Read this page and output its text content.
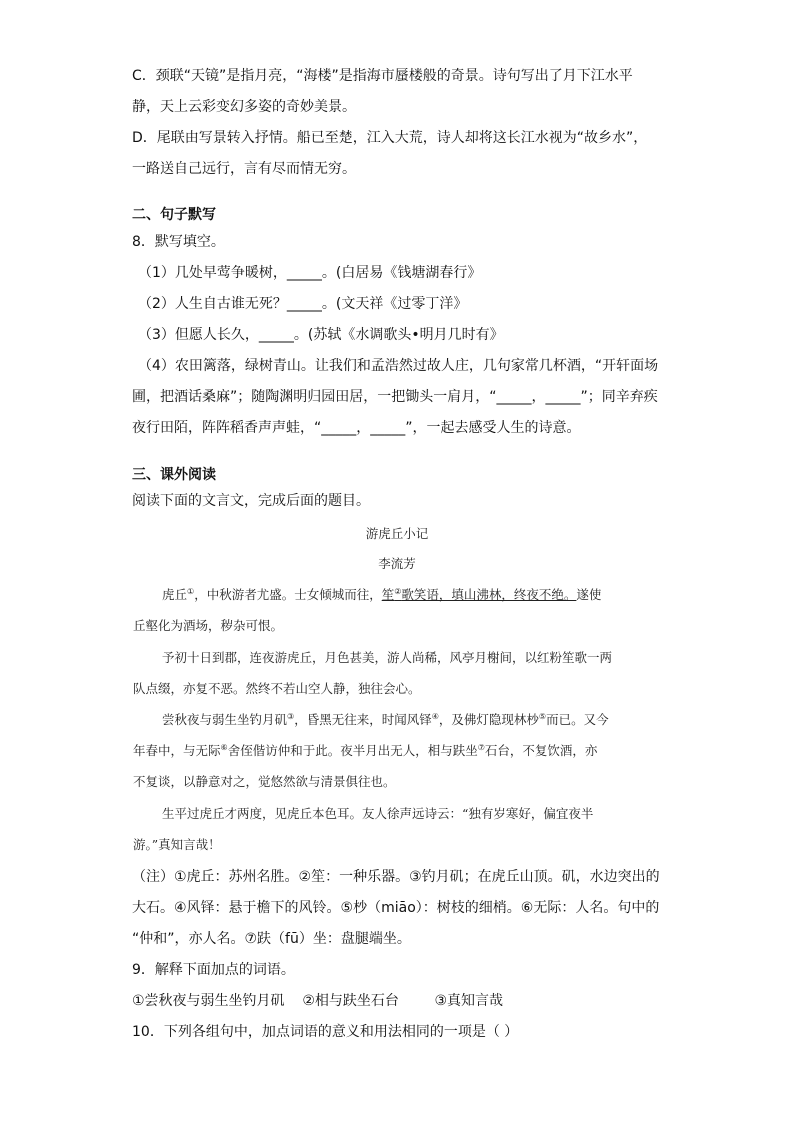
C．颈联“天镜”是指月亮，“海楼”是指海市蜃楼般的奇景。诗句写出了月下江水平
静，天上云彩变幻多姿的奇妙美景。
D．尾联由写景转入抒情。船已至楚，江入大荒，诗人却将这长江水视为“故乡水”，
一路送自己远行，言有尽而情无穷。
二、句子默写
8．默写填空。
（1）几处早莺争暖树，_____。(白居易《钱塘湖春行》
（2）人生自古谁无死？_____。(文天祥《过零丁洋》
（3）但愿人长久，_____。(苏轼《水调歌头•明月几时有》
（4）农田篱落，绿树青山。让我们和孟浩然过故人庄，几句家常几杯酒，“开轩面场
圃，把酒话桑麻”；随陶渊明归园田居，一把锄头一肩月，“_____，_____”；同辛弃疾
夜行田陌，阵阵稻香声声蛙，“_____，_____”，一起去感受人生的诗意。
三、课外阅读
阅读下面的文言文，完成后面的题目。
游虎丘小记
李流芳
虎丘①，中秋游者尤盛。士女倾城而往，笙②歌笑语，填山沸林，终夜不绝。遂使
丘壑化为酒场，秽杂可恨。
予初十日到郡，连夜游虎丘，月色甚美，游人尚稀，风亭月榭间，以红粉笙歌一两
队点缀，亦复不恶。然终不若山空人静，独往会心。
尝秋夜与弱生坐钓月矶③，昏黑无往来，时闻风铎④，及佛灯隐现林杪⑤而已。又今
年春中，与无际⑥舍侄偕访仲和于此。夜半月出无人，相与趺坐⑦石台，不复饮酒，亦
不复谈，以静意对之，觉悠然欲与清景俱往也。
生平过虎丘才两度，见虎丘本色耳。友人徐声远诗云：“独有岁寒好，偏宜夜半
游。”真知言哉！
（注）①虎丘：苏州名胜。②笙：一种乐器。③钓月矶；在虎丘山顶。矶，水边突出的
大石。④风铎：悬于檐下的风铃。⑤杪（miāo）：树枝的细梢。⑥无际：人名。句中的
“仲和”，亦人名。⑦趺（fū）坐：盘腿端坐。
9．解释下面加点的词语。
①尝秋夜与弱生坐钓月矶    ②相与趺坐石台        ③真知言哉
10．下列各组句中，加点词语的意义和用法相同的一项是（ ）
